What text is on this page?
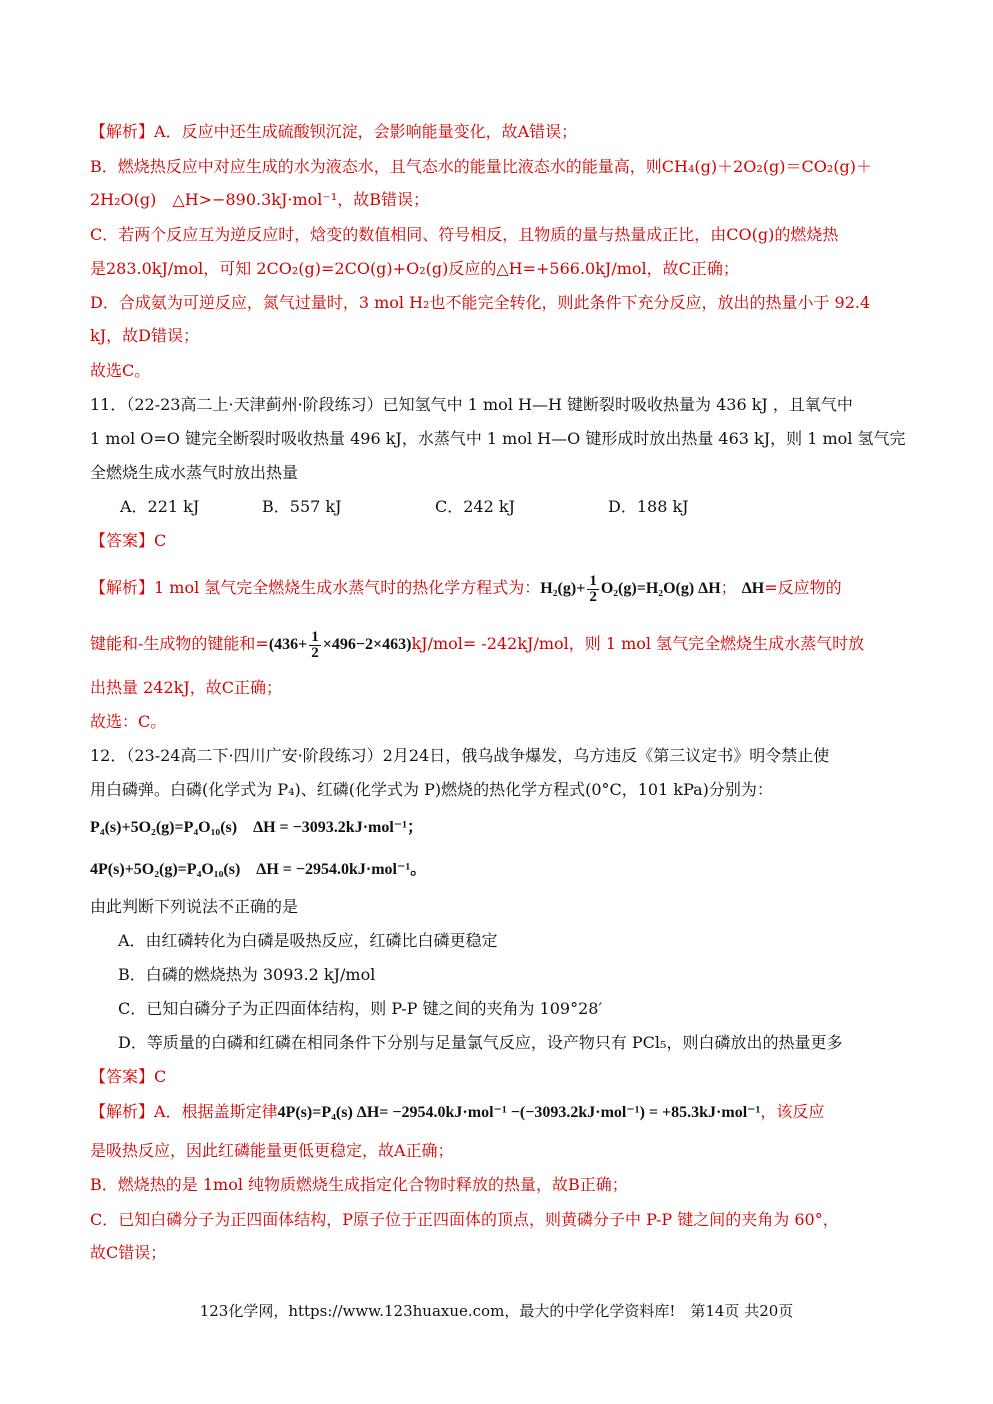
【解析】A．反应中还生成硫酸钡沉淀，会影响能量变化，故A错误；
B．燃烧热反应中对应生成的水为液态水，且气态水的能量比液态水的能量高，则CH₄(g)＋2O₂(g)＝CO₂(g)＋
2H₂O(g)　△H>−890.3kJ·mol⁻¹，故B错误；
C．若两个反应互为逆反应时，焓变的数值相同、符号相反，且物质的量与热量成正比，由CO(g)的燃烧热
是283.0kJ/mol，可知 2CO₂(g)=2CO(g)+O₂(g)反应的△H=+566.0kJ/mol，故C正确；
D．合成氨为可逆反应，氮气过量时，3 mol H₂也不能完全转化，则此条件下充分反应，放出的热量小于 92.4
kJ，故D错误；
故选C。
11．（22-23高二上·天津蓟州·阶段练习）已知氢气中 1 mol H—H 键断裂时吸收热量为 436 kJ ，且氧气中
1 mol O=O 键完全断裂时吸收热量 496 kJ，水蒸气中 1 mol H—O 键形成时放出热量 463 kJ，则 1 mol 氢气完
全燃烧生成水蒸气时放出热量
A．221 kJ	B．557 kJ	C．242 kJ	D．188 kJ
【答案】C
【解析】1 mol 氢气完全燃烧生成水蒸气时的热化学方程式为：$H_2(g)+ \frac{1}{2} O_2(g)=H_2O(g)$ ΔH； ΔH=反应物的
键能和-生成物的键能和$=(436+ \frac{1}{2} \times 496-2\times 463)kJ/mol= -242kJ/mol$，则 1 mol 氢气完全燃烧生成水蒸气时放
出热量 242kJ，故C正确；
故选：C。
12．（23-24高二下·四川广安·阶段练习）2月24日，俄乌战争爆发，乌方违反《第三议定书》明令禁止使
用白磷弹。白磷(化学式为 P₄)、红磷(化学式为 P)燃烧的热化学方程式(0°C，101 kPa)分别为：
P₄(s)+5O₂(g)=P₄O₁₀(s)　ΔH = −3093.2kJ·mol⁻¹；
4P(s)+5O₂(g)=P₄O₁₀(s)　ΔH = −2954.0kJ·mol⁻¹。
由此判断下列说法不正确的是
A．由红磷转化为白磷是吸热反应，红磷比白磷更稳定
B．白磷的燃烧热为 3093.2 kJ/mol
C．已知白磷分子为正四面体结构，则 P-P 键之间的夹角为 109°28′
D．等质量的白磷和红磷在相同条件下分别与足量氯气反应，设产物只有 PCl₅，则白磷放出的热量更多
【答案】C
【解析】A．根据盖斯定律4P(s)=P₄(s) ΔH= −2954.0kJ·mol⁻¹ −(−3093.2kJ·mol⁻¹) = +85.3kJ·mol⁻¹，该反应
是吸热反应，因此红磷能量更低更稳定，故A正确；
B．燃烧热的是 1mol 纯物质燃烧生成指定化合物时释放的热量，故B正确；
C．已知白磷分子为正四面体结构，P原子位于正四面体的顶点，则黄磷分子中 P-P 键之间的夹角为 60°，
故C错误；
123化学网，https://www.123huaxue.com，最大的中学化学资料库!　第14页 共20页
